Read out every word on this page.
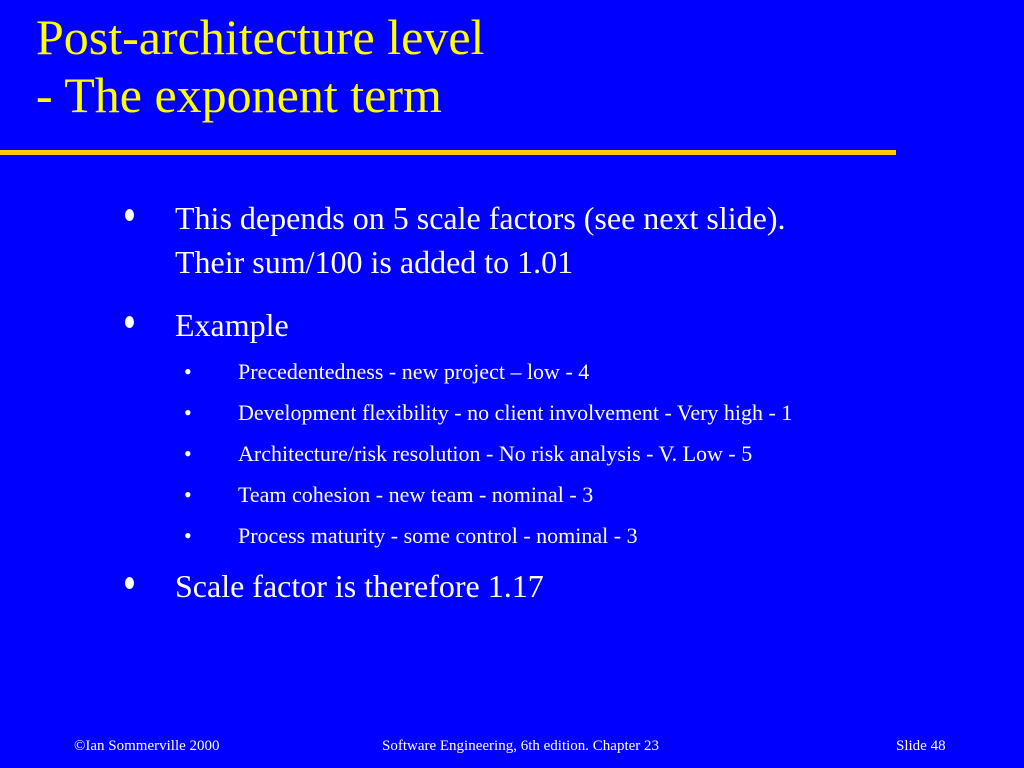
Post-architecture level
- The exponent term
This depends on 5 scale factors (see next slide).
Their sum/100 is added to 1.01
Example
• Precedentedness - new project – low - 4
• Development flexibility - no client involvement - Very high - 1
• Architecture/risk resolution - No risk analysis - V. Low - 5
• Team cohesion - new team - nominal - 3
• Process maturity - some control - nominal - 3
Scale factor is therefore 1.17
©Ian Sommerville 2000	Software Engineering, 6th edition. Chapter 23	Slide 48
